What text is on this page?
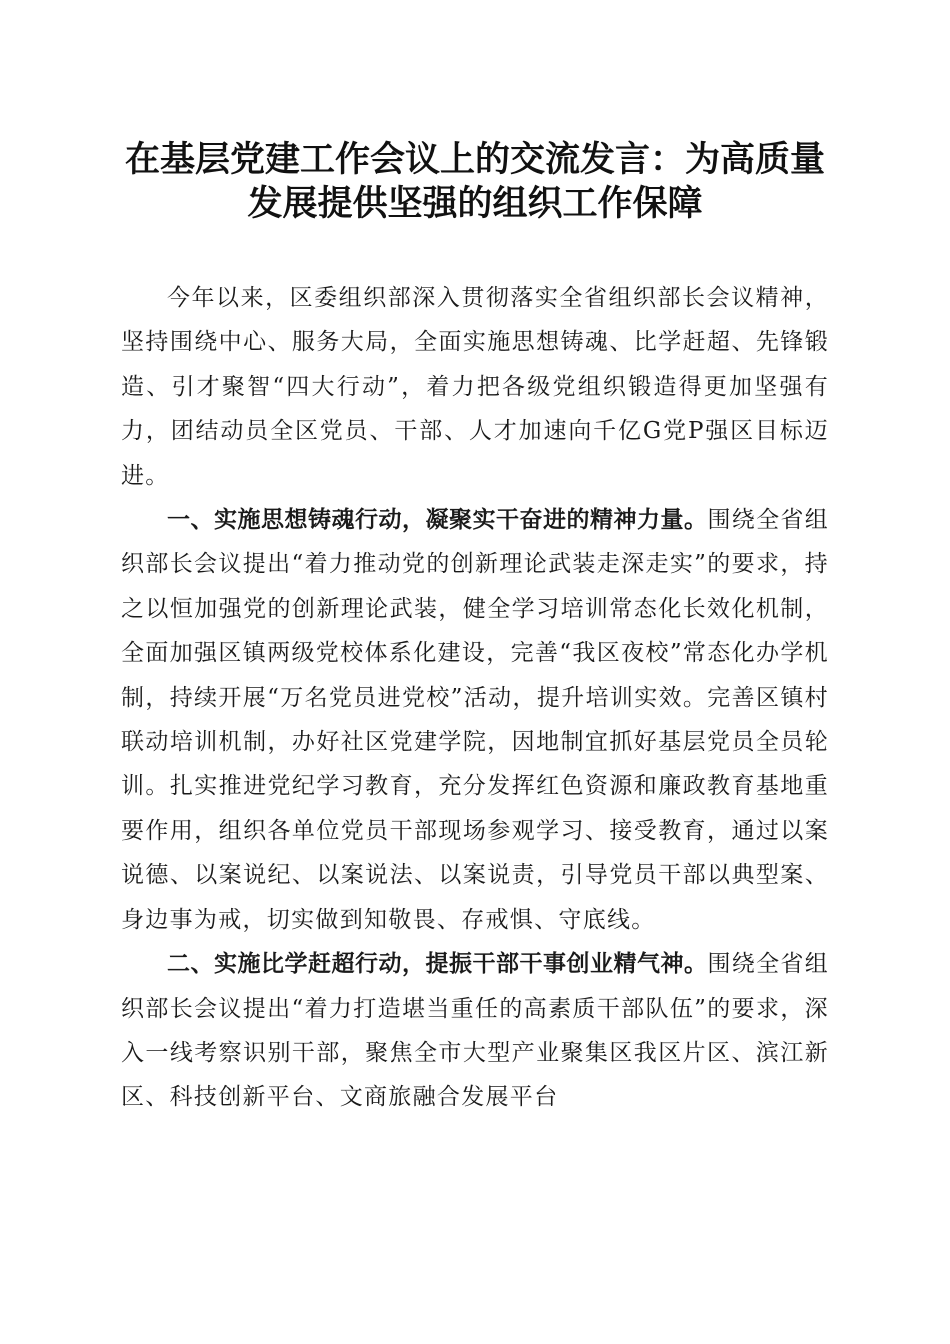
在基层党建工作会议上的交流发言：为高质量
发展提供坚强的组织工作保障

今年以来，区委组织部深入贯彻落实全省组织部长会议精神，坚持围绕中心、服务大局，全面实施思想铸魂、比学赶超、先锋锻造、引才聚智“四大行动”，着力把各级党组织锻造得更加坚强有力，团结动员全区党员、干部、人才加速向千亿G党P强区目标迈进。

一、实施思想铸魂行动，凝聚实干奋进的精神力量。围绕全省组织部长会议提出“着力推动党的创新理论武装走深走实”的要求，持之以恒加强党的创新理论武装，健全学习培训常态化长效化机制，全面加强区镇两级党校体系化建设，完善“我区夜校”常态化办学机制，持续开展“万名党员进党校”活动，提升培训实效。完善区镇村联动培训机制，办好社区党建学院，因地制宜抓好基层党员全员轮训。扎实推进党纪学习教育，充分发挥红色资源和廉政教育基地重要作用，组织各单位党员干部现场参观学习、接受教育，通过以案说德、以案说纪、以案说法、以案说责，引导党员干部以典型案、身边事为戒，切实做到知敬畏、存戒惧、守底线。

二、实施比学赶超行动，提振干部干事创业精气神。围绕全省组织部长会议提出“着力打造堪当重任的高素质干部队伍”的要求，深入一线考察识别干部，聚焦全市大型产业聚集区我区片区、滨江新区、科技创新平台、文商旅融合发展平台
